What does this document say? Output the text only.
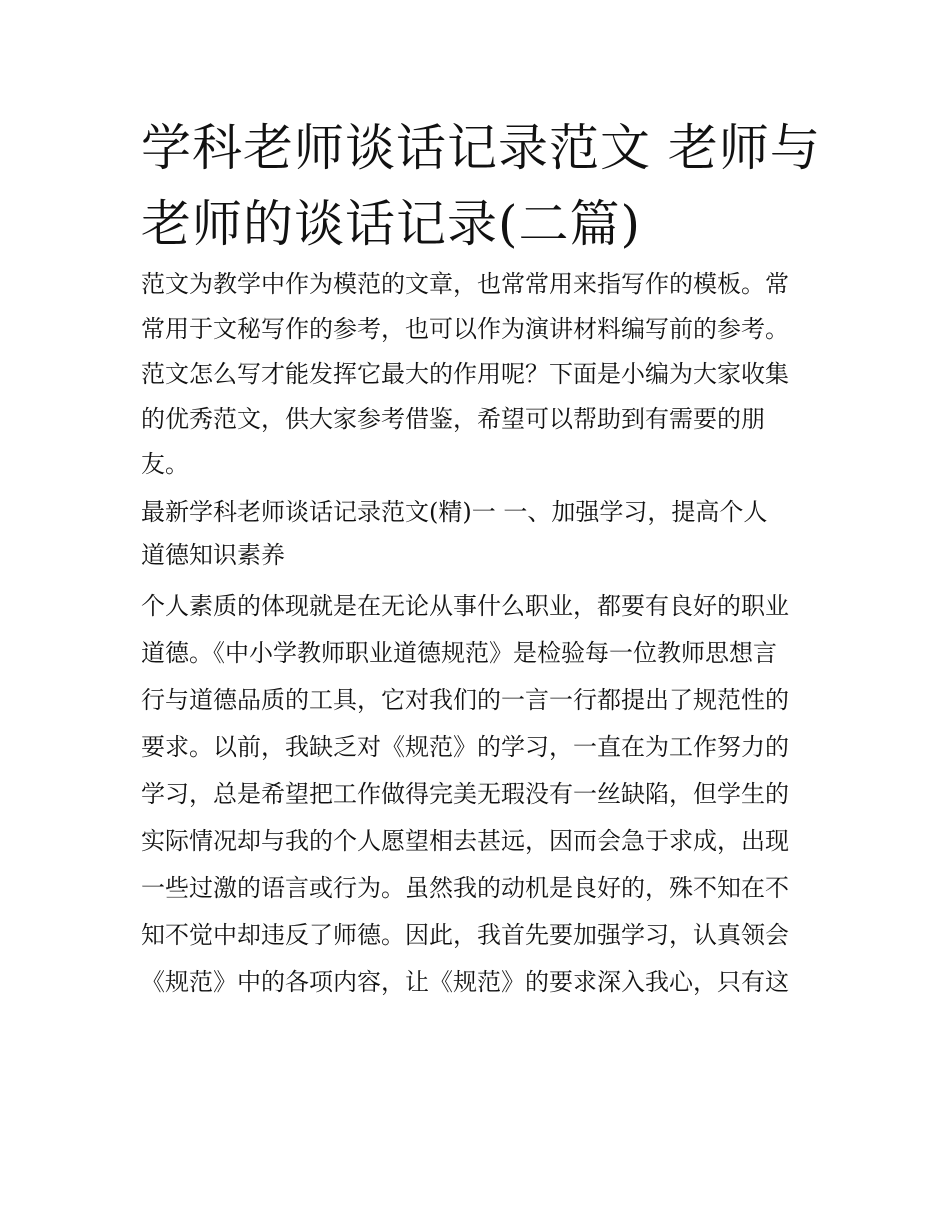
学科老师谈话记录范文 老师与
老师的谈话记录(二篇)
范文为教学中作为模范的文章，也常常用来指写作的模板。常
常用于文秘写作的参考，也可以作为演讲材料编写前的参考。
范文怎么写才能发挥它最大的作用呢？下面是小编为大家收集
的优秀范文，供大家参考借鉴，希望可以帮助到有需要的朋
友。
最新学科老师谈话记录范文(精)一 一、加强学习，提高个人
道德知识素养
个人素质的体现就是在无论从事什么职业，都要有良好的职业
道德。《中小学教师职业道德规范》是检验每一位教师思想言
行与道德品质的工具，它对我们的一言一行都提出了规范性的
要求。以前，我缺乏对《规范》的学习，一直在为工作努力的
学习，总是希望把工作做得完美无瑕没有一丝缺陷，但学生的
实际情况却与我的个人愿望相去甚远，因而会急于求成，出现
一些过激的语言或行为。虽然我的动机是良好的，殊不知在不
知不觉中却违反了师德。因此，我首先要加强学习，认真领会
《规范》中的各项内容，让《规范》的要求深入我心，只有这
